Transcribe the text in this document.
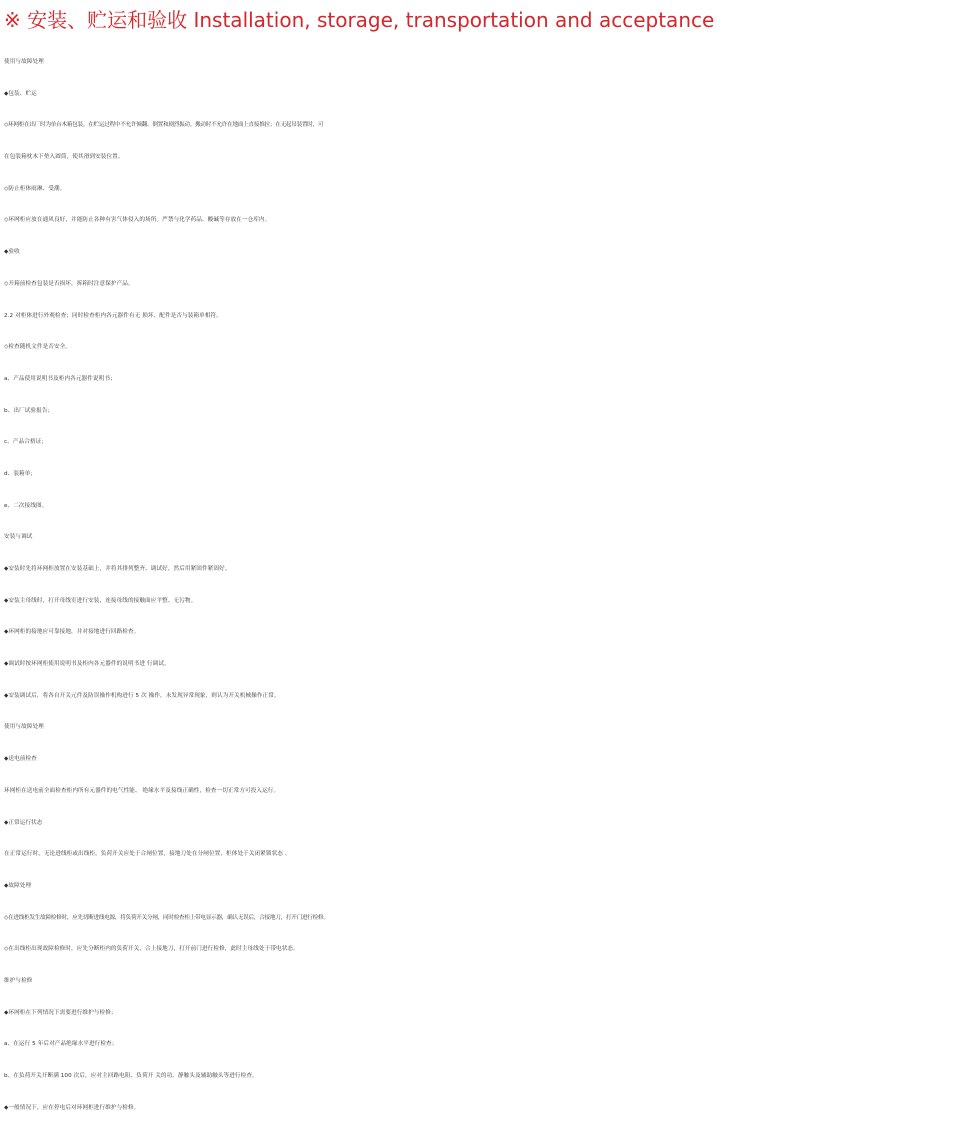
※ 安装、贮运和验收 Installation, storage, transportation and acceptance
使用与故障处理
◆包装、贮运
◇环网柜在出厂时为单台木箱包装。在贮运过程中不允许倾翻、倒置和剧烈振动。搬动时不允许在地面上直接推拉；在无起吊装置时，可
在包装箱枕木下垫入圆筒，使其滑到安装位置。
◇防止柜体雨淋、受潮。
◇环网柜应放在通风良好，并能防止各种有害气体侵入的场所。严禁与化学药品、酸碱等存放在一仓库内。
◆验收
◇开箱前检查包装是否损坏，拆箱时注意保护产品。
2.2 对柜体进行外观检查；同时检查柜内各元器件有无 损坏、配件是否与装箱单相符。
◇检查随机文件是否安全。
a、产品使用说明书及柜内各元器件说明书；
b、出厂试验报告；
c、产品合格证；
d、装箱单；
e、二次接线图。
安装与调试
◆安装时先将环网柜放置在安装基础上，并将其排列整齐、调试好，然后用紧固件紧固好。
◆安装主母线时，打开母线室进行安装，连接母线的接触面应平整、无污物。
◆环网柜的接地应可靠接地，并对接地进行回路检查。
◆调试时按环网柜使用说明书及柜内各元器件的说明书进 行调试。
◆安装调试后，将各自开关元件及防误操作机构进行 5 次 操作，未发现异常现象，则认为开关机械操作正常。
使用与故障处理
◆送电前检查
环网柜在送电前全面检查柜内所有元器件的电气性能、 绝缘水平及接线正确性，检查一切正常方可投入运行。
◆正常运行状态
在正常运行时，无论进线柜或出线柜，负荷开关应处于合闸位置，接地刀处在分闸位置，柜体处于关闭紧锁状态 。
◆故障处理
◇在进线柜发生故障检修时，应先切断进线电源，将负荷开关分闸，同时检查柜上带电显示器，确认无误后，合接地刀，打开门进行检修。
◇在出线柜出现故障检修时，应先分断柜内的负荷开关，合上接地刀，打开前门进行检修，此时主母线处于带电状态。
维护与检修
◆环网柜在下列情况下需要进行维护与检修；
a、在运行 5 年后对产品绝缘水平进行检查；
b、在负荷开关开断满 100 次后，应对主回路电阻、负荷开 关的功、静触头及辅助触头等进行检查。
◆一般情况下，应在停电后对环网柜进行维护与检修。
